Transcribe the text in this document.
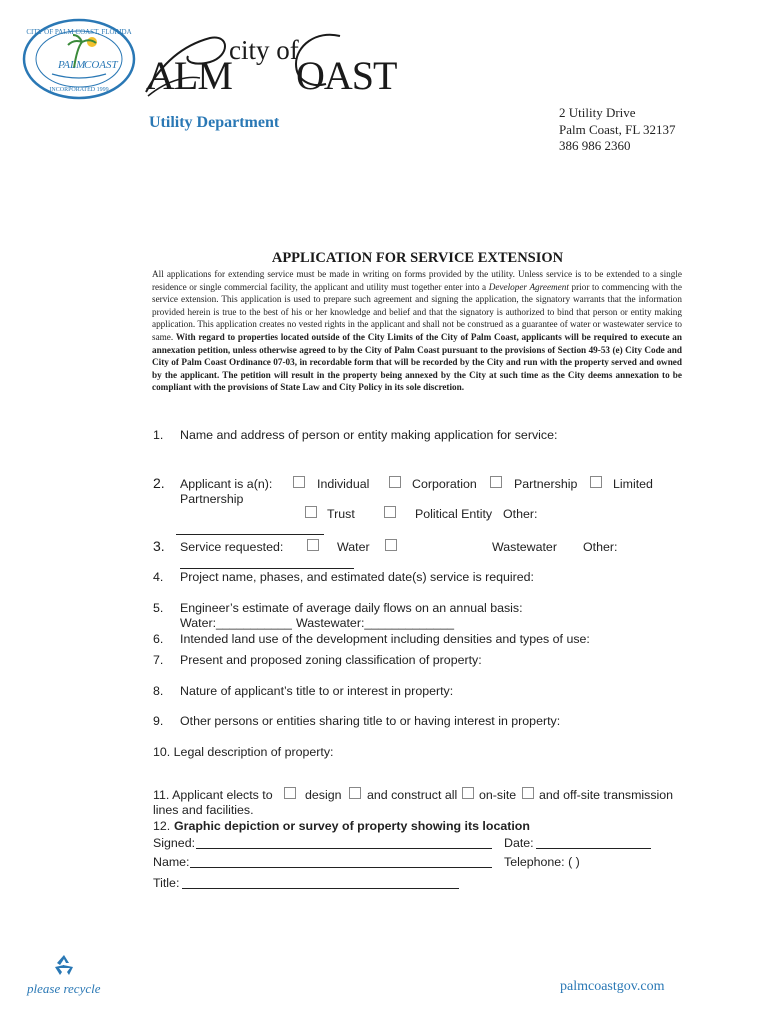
CITY OF PALM COAST, FLORIDA
PALM
COAST
INCORPORATED 1999
city of
ALM OAST
Utility Department
2 Utility Drive
Palm Coast, FL 32137
386 986 2360
APPLICATION FOR SERVICE EXTENSION
All applications for extending service must be made in writing on forms provided by the utility. Unless service is to be extended to a single residence or single commercial facility, the applicant and utility must together enter into a Developer Agreement prior to commencing with the service extension. This application is used to prepare such agreement and signing the application, the signatory warrants that the information provided herein is true to the best of his or her knowledge and belief and that the signatory is authorized to bind that person or entity making application. This application creates no vested rights in the applicant and shall not be construed as a guarantee of water or wastewater service to same. With regard to properties located outside of the City Limits of the City of Palm Coast, applicants will be required to execute an annexation petition, unless otherwise agreed to by the City of Palm Coast pursuant to the provisions of Section 49-53 (e) City Code and City of Palm Coast Ordinance 07-03, in recordable form that will be recorded by the City and run with the property served and owned by the applicant. The petition will result in the property being annexed by the City at such time as the City deems annexation to be compliant with the provisions of State Law and City Policy in its sole discretion.
1. Name and address of person or entity making application for service:
2. Applicant is a(n):	Individual	Corporation	Partnership	Limited
Partnership
Trust	Political Entity Other:
3. Service requested:	Water	Wastewater Other:
4. Project name, phases, and estimated date(s) service is required:
5. Engineer’s estimate of average daily flows on an annual basis:
Water:___________ Wastewater:_____________
6. Intended land use of the development including densities and types of use:
7. Present and proposed zoning classification of property:
8. Nature of applicant’s title to or interest in property:
9. Other persons or entities sharing title to or having interest in property:
10. Legal description of property:
11. Applicant elects to	design and construct all on-site and off-site transmission
lines and facilities.
12. Graphic depiction or survey of property showing its location
Signed:	Date:
Name:	Telephone: ( )
Title:
please recycle	palmcoastgov.com
